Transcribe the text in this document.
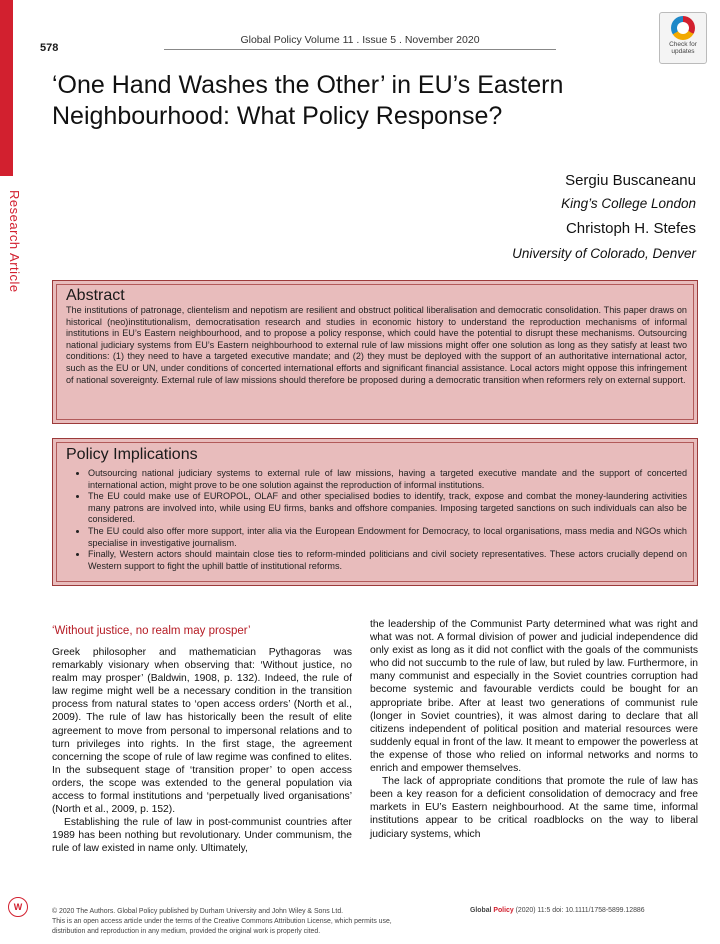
578
Global Policy Volume 11 . Issue 5 . November 2020	Check for
updates
‘One Hand Washes the Other’ in EU’s Eastern Neighbourhood: What Policy Response?
Research Article
Sergiu Buscaneanu
King’s College London
Christoph H. Stefes
University of Colorado, Denver
Abstract
The institutions of patronage, clientelism and nepotism are resilient and obstruct political liberalisation and democratic consolidation. This paper draws on historical (neo)institutionalism, democratisation research and studies in economic history to understand the reproduction mechanisms of informal institutions in EU’s Eastern neighbourhood, and to propose a policy response, which could have the potential to disrupt these mechanisms. Outsourcing national judiciary systems from EU’s Eastern neighbourhood to external rule of law missions might offer one solution as long as they satisfy at least two conditions: (1) they need to have a targeted executive mandate; and (2) they must be deployed with the support of an authoritative international actor, such as the EU or UN, under conditions of concerted international efforts and significant financial assistance. Local actors might oppose this infringement of national sovereignty. External rule of law missions should therefore be proposed during a democratic transition when reformers rely on external support.
Policy Implications
• Outsourcing national judiciary systems to external rule of law missions, having a targeted executive mandate and the support of concerted international action, might prove to be one solution against the reproduction of informal institutions.
• The EU could make use of EUROPOL, OLAF and other specialised bodies to identify, track, expose and combat the money-laundering activities many patrons are involved into, while using EU firms, banks and offshore companies. Imposing targeted sanctions on such individuals can also be considered.
• The EU could also offer more support, inter alia via the European Endowment for Democracy, to local organisations, mass media and NGOs which specialise in investigative journalism.
• Finally, Western actors should maintain close ties to reform-minded politicians and civil society representatives. These actors crucially depend on Western support to fight the uphill battle of institutional reforms.
‘Without justice, no realm may prosper’

Greek philosopher and mathematician Pythagoras was remarkably visionary when observing that: ‘Without justice, no realm may prosper’ (Baldwin, 1908, p. 132). Indeed, the rule of law regime might well be a necessary condition in the transition process from natural states to ‘open access orders’ (North et al., 2009). The rule of law has historically been the result of elite agreement to move from personal to impersonal relations and to turn privileges into rights. In the first stage, the agreement concerning the scope of rule of law regime was confined to elites. In the subsequent stage of ‘transition proper’ to open access orders, the scope was extended to the general population via access to formal institutions and ‘perpetually lived organisations’ (North et al., 2009, p. 152).

Establishing the rule of law in post-communist countries after 1989 has been nothing but revolutionary. Under communism, the rule of law existed in name only. Ultimately,

the leadership of the Communist Party determined what was right and what was not. A formal division of power and judicial independence did only exist as long as it did not conflict with the goals of the communists who did not succumb to the rule of law, but ruled by law. Furthermore, in many communist and especially in the Soviet countries corruption had become systemic and favourable verdicts could be bought for an appropriate bribe. After at least two generations of communist rule (longer in Soviet countries), it was almost daring to declare that all citizens independent of political position and material resources were suddenly equal in front of the law. It meant to empower the powerless at the expense of those who relied on informal networks and norms to enrich and empower themselves.

The lack of appropriate conditions that promote the rule of law has been a key reason for a deficient consolidation of democracy and free markets in EU’s Eastern neighbourhood. At the same time, informal institutions appear to be critical roadblocks on the way to liberal judiciary systems, which

W	© 2020 The Authors. Global Policy published by Durham University and John Wiley & Sons Ltd.
This is an open access article under the terms of the Creative Commons Attribution License, which permits use,
distribution and reproduction in any medium, provided the original work is properly cited.
Global Policy (2020) 11:5 doi: 10.1111/1758-5899.12886
